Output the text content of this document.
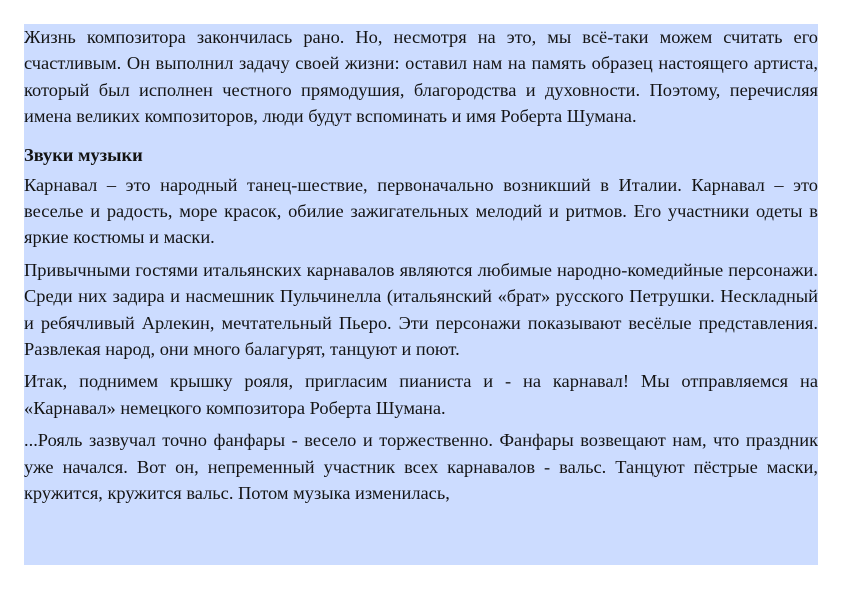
Жизнь композитора закончилась рано. Но, несмотря на это, мы всё-таки можем считать его счастливым. Он выполнил задачу своей жизни: оставил нам на память образец настоящего артиста, который был исполнен честного прямодушия, благородства и духовности. Поэтому, перечисляя имена великих композиторов, люди будут вспоминать и имя Роберта Шумана.

Звуки музыки

Карнавал – это народный танец-шествие, первоначально возникший в Италии. Карнавал – это веселье и радость, море красок, обилие зажигательных мелодий и ритмов. Его участники одеты в яркие костюмы и маски.

Привычными гостями итальянских карнавалов являются любимые народно-комедийные персонажи. Среди них задира и насмешник Пульчинелла (итальянский «брат» русского Петрушки. Нескладный и ребячливый Арлекин, мечтательный Пьеро. Эти персонажи показывают весёлые представления. Развлекая народ, они много балагурят, танцуют и поют.

Итак, поднимем крышку рояля, пригласим пианиста и - на карнавал! Мы отправляемся на «Карнавал» немецкого композитора Роберта Шумана.

...Рояль зазвучал точно фанфары - весело и торжественно. Фанфары возвещают нам, что праздник уже начался. Вот он, непременный участник всех карнавалов - вальс. Танцуют пёстрые маски, кружится, кружится вальс. Потом музыка изменилась,
